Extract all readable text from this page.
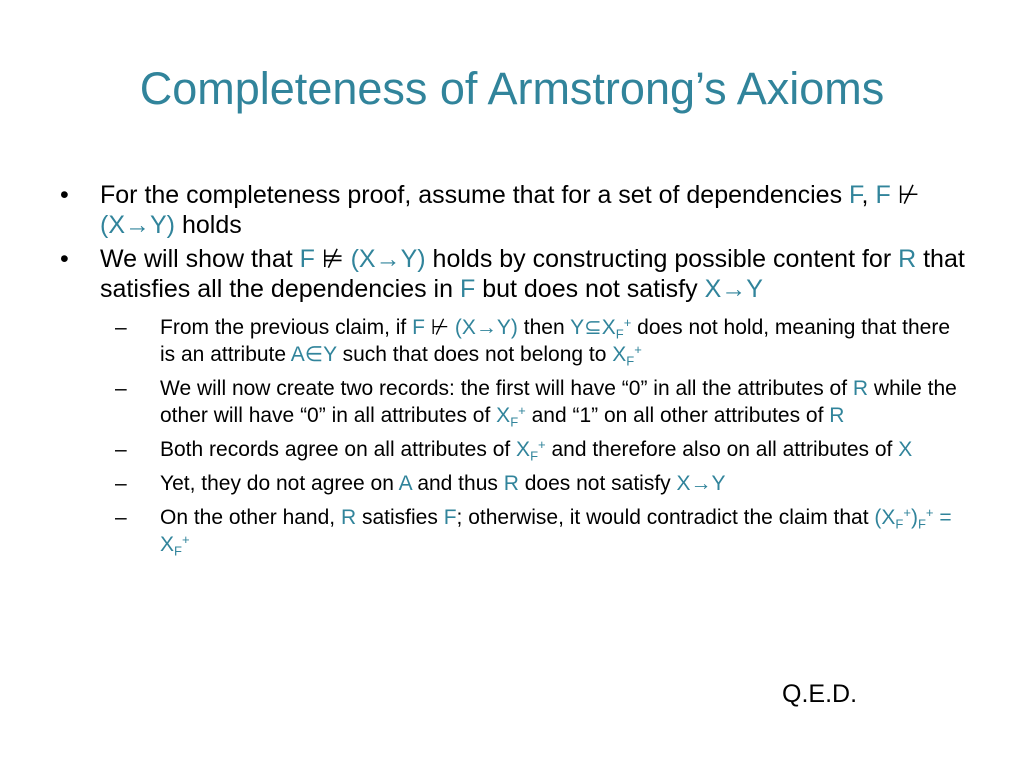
Completeness of Armstrong’s Axioms
• For the completeness proof, assume that for a set of dependencies F, F ⊬ (X→Y) holds
• We will show that F ⊭ (X→Y) holds by constructing possible content for R that satisfies all the dependencies in F but does not satisfy X→Y
– From the previous claim, if F ⊬ (X→Y) then $Y⊆X_F^+$ does not hold, meaning that there is an attribute A∈Y such that does not belong to $X_F^+$
– We will now create two records: the first will have “0” in all the attributes of R while the other will have “0” in all attributes of $X_F^+$ and “1” on all other attributes of R
– Both records agree on all attributes of $X_F^+$ and therefore also on all attributes of X
– Yet, they do not agree on A and thus R does not satisfy X→Y
– On the other hand, R satisfies F; otherwise, it would contradict the claim that $(X_F^+)_F^+ = X_F^+$

Q.E.D.
